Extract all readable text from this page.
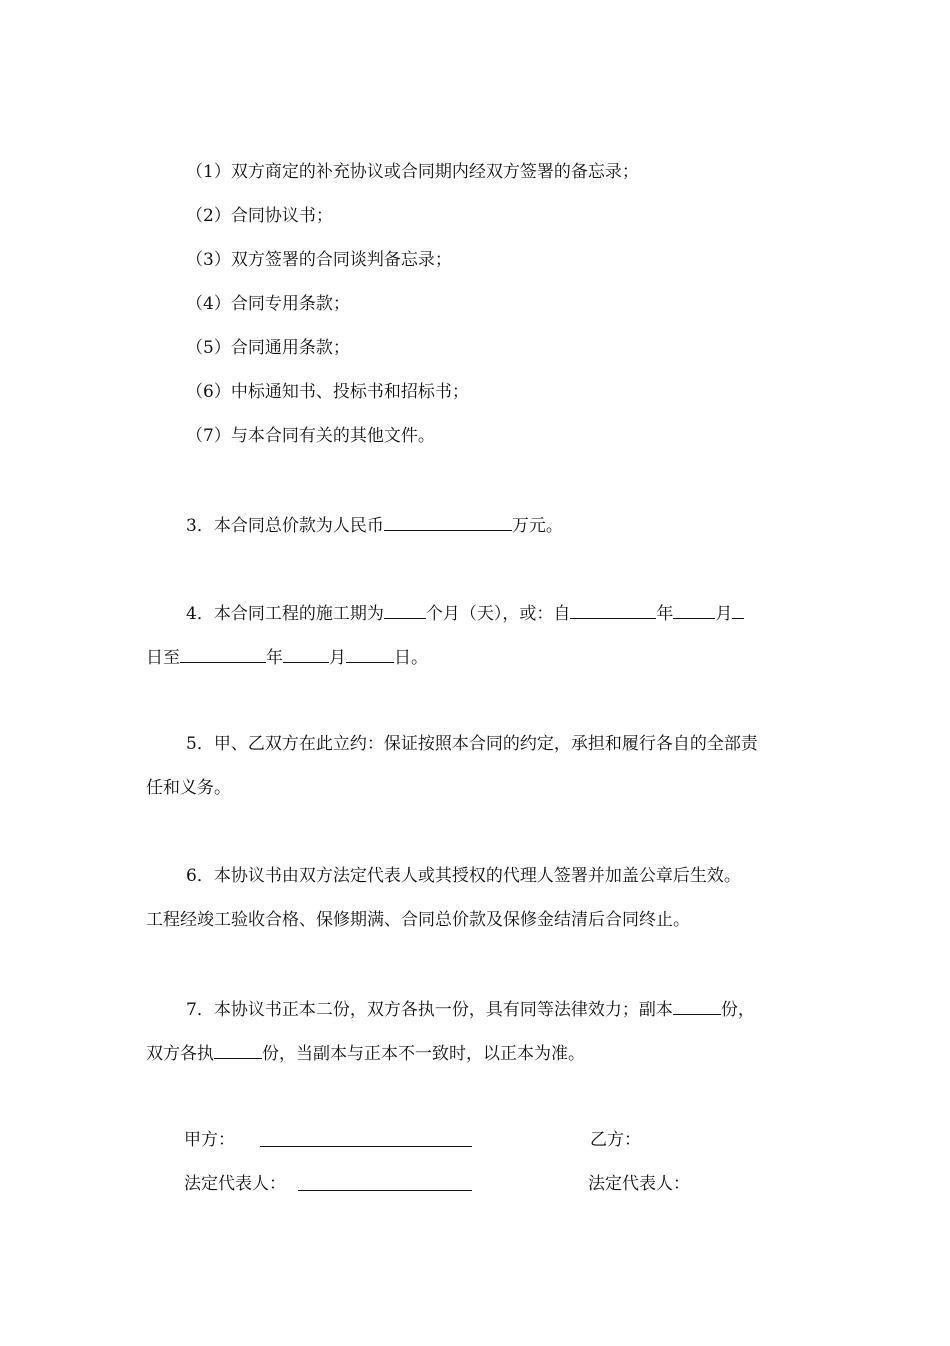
（1）双方商定的补充协议或合同期内经双方签署的备忘录；
（2）合同协议书；
（3）双方签署的合同谈判备忘录；
（4）合同专用条款；
（5）合同通用条款；
（6）中标通知书、投标书和招标书；
（7）与本合同有关的其他文件。
3．本合同总价款为人民币	万元。
4．本合同工程的施工期为 个月（天），或：自	年 月
日至	年	月	日。
5．甲、乙双方在此立约：保证按照本合同的约定，承担和履行各自的全部责
任和义务。
6．本协议书由双方法定代表人或其授权的代理人签署并加盖公章后生效。
工程经竣工验收合格、保修期满、合同总价款及保修金结清后合同终止。
7．本协议书正本二份，双方各执一份，具有同等法律效力；副本	份，
双方各执	份，当副本与正本不一致时，以正本为准。
甲方：	乙方：
法定代表人：	法定代表人：
